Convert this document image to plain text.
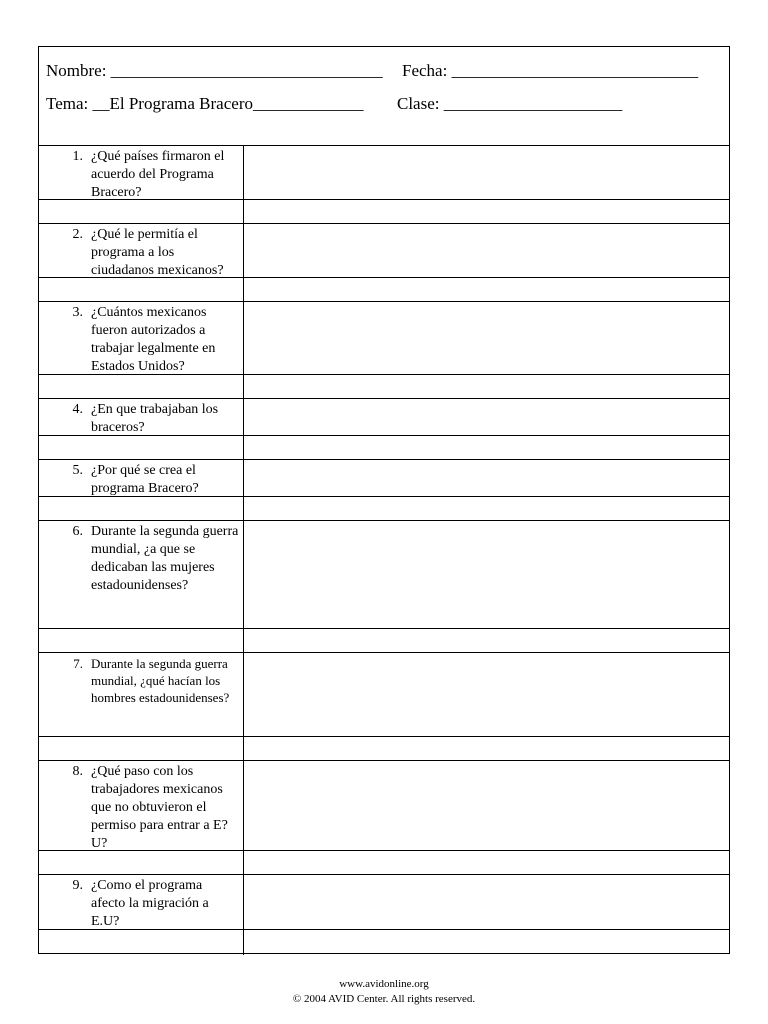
Nombre: ________________________________ Fecha: _____________________________
Tema: __El Programa Bracero_____________ Clase: _____________________
1. ¿Qué países firmaron el acuerdo del Programa Bracero?
2. ¿Qué le permitía el programa a los ciudadanos mexicanos?
3. ¿Cuántos mexicanos fueron autorizados a trabajar legalmente en Estados Unidos?
4. ¿En que trabajaban los braceros?
5. ¿Por qué se crea el programa Bracero?
6. Durante la segunda guerra mundial, ¿a que se dedicaban las mujeres estadounidenses?
7. Durante la segunda guerra mundial, ¿qué hacían los hombres estadounidenses?
8. ¿Qué paso con los trabajadores mexicanos que no obtuvieron el permiso para entrar a E?U?
9. ¿Como el programa afecto la migración a E.U?
www.avidonline.org
© 2004 AVID Center. All rights reserved.
